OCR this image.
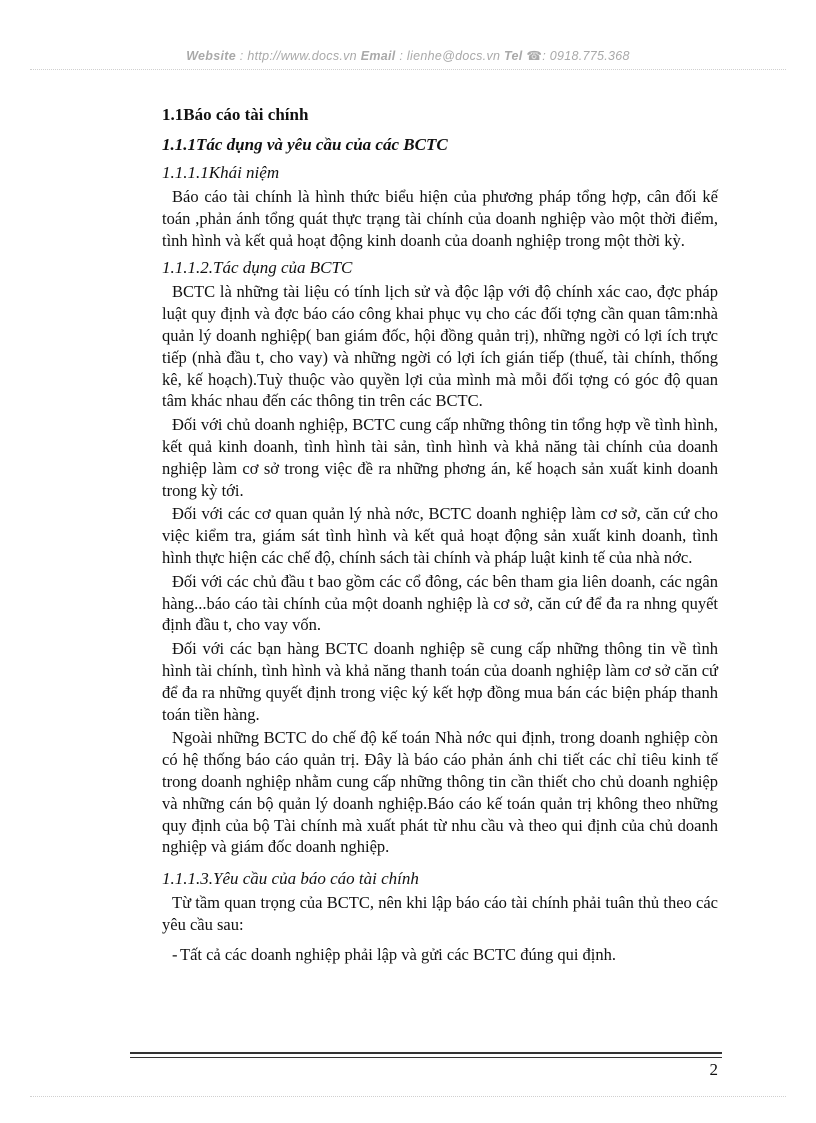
Website : http://www.docs.vn Email : lienhe@docs.vn Tel ☎: 0918.775.368
1.1Báo cáo tài chính
1.1.1Tác dụng và yêu cầu của các BCTC
1.1.1.1Khái niệm

Báo cáo tài chính là hình thức biểu hiện của phương pháp tổng hợp, cân đối kế toán ,phản ánh tổng quát thực trạng tài chính của doanh nghiệp vào một thời điểm, tình hình và kết quả hoạt động kinh doanh của doanh nghiệp trong một thời kỳ.

1.1.1.2.Tác dụng của BCTC

BCTC là những tài liệu có tính lịch sử và độc lập với độ chính xác cao, đợc pháp luật quy định và đợc báo cáo công khai phục vụ cho các đối tợng cần quan tâm:nhà quản lý doanh nghiệp( ban giám đốc, hội đồng quản trị), những ngời có lợi ích trực tiếp (nhà đầu t, cho vay) và những ngời có lợi ích gián tiếp (thuế, tài chính, thống kê, kế hoạch).Tuỳ thuộc vào quyền lợi của mình mà mỗi đối tợng có góc độ quan tâm khác nhau đến các thông tin trên các BCTC.

Đối với chủ doanh nghiệp, BCTC cung cấp những thông tin tổng hợp về tình hình, kết quả kinh doanh, tình hình tài sản, tình hình và khả năng tài chính của doanh nghiệp làm cơ sở trong việc đề ra những phơng án, kế hoạch sản xuất kinh doanh trong kỳ tới.

Đối với các cơ quan quản lý nhà nớc, BCTC doanh nghiệp làm cơ sở, căn cứ cho việc kiểm tra, giám sát tình hình và kết quả hoạt động sản xuất kinh doanh, tình hình thực hiện các chế độ, chính sách tài chính và pháp luật kinh tế của nhà nớc.

Đối với các chủ đầu t bao gồm các cổ đông, các bên tham gia liên doanh, các ngân hàng...báo cáo tài chính của một doanh nghiệp là cơ sở, căn cứ để đa ra nhng quyết định đầu t, cho vay vốn.

Đối với các bạn hàng BCTC doanh nghiệp sẽ cung cấp những thông tin về tình hình tài chính, tình hình và khả năng thanh toán của doanh nghiệp làm cơ sở căn cứ để đa ra những quyết định trong việc ký kết hợp đồng mua bán các biện pháp thanh toán tiền hàng.

Ngoài những BCTC do chế độ kế toán Nhà nớc qui định, trong doanh nghiệp còn có hệ thống báo cáo quản trị. Đây là báo cáo phản ánh chi tiết các chỉ tiêu kinh tế trong doanh nghiệp nhằm cung cấp những thông tin cần thiết cho chủ doanh nghiệp và những cán bộ quản lý doanh nghiệp.Báo cáo kế toán quản trị không theo những quy định của bộ Tài chính mà xuất phát từ nhu cầu và theo qui định của chủ doanh nghiệp và giám đốc doanh nghiệp.

1.1.1.3.Yêu cầu của báo cáo tài chính

Từ tầm quan trọng của BCTC, nên khi lập báo cáo tài chính phải tuân thủ theo các yêu cầu sau:

- Tất cả các doanh nghiệp phải lập và gửi các BCTC đúng qui định.
2
